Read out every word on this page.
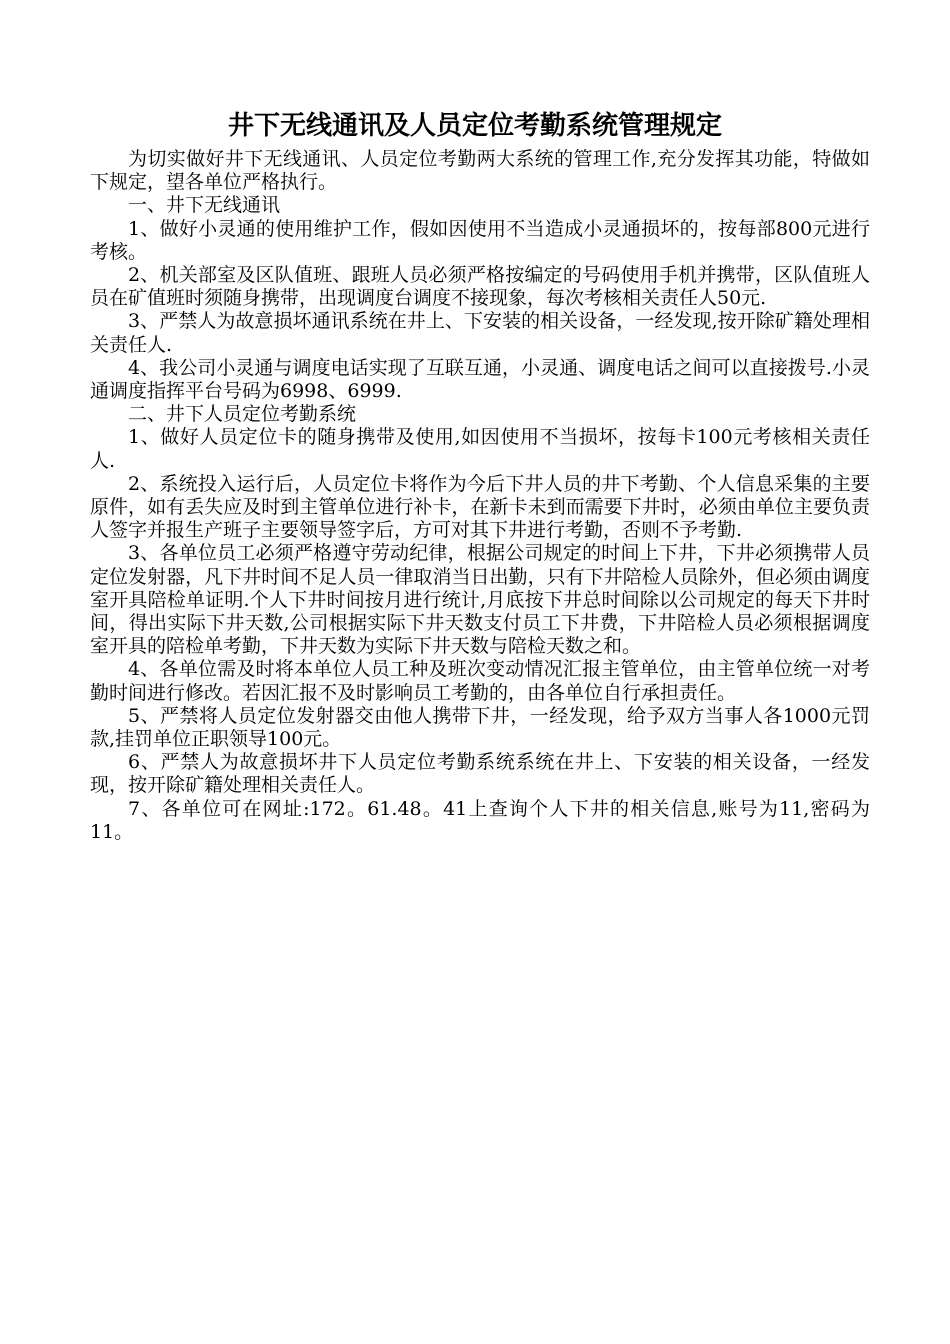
井下无线通讯及人员定位考勤系统管理规定

为切实做好井下无线通讯、人员定位考勤两大系统的管理工作,充分发挥其功能，特做如下规定，望各单位严格执行。

一、井下无线通讯

1、做好小灵通的使用维护工作，假如因使用不当造成小灵通损坏的，按每部800元进行考核。

2、机关部室及区队值班、跟班人员必须严格按编定的号码使用手机并携带，区队值班人员在矿值班时须随身携带，出现调度台调度不接现象，每次考核相关责任人50元.

3、严禁人为故意损坏通讯系统在井上、下安装的相关设备，一经发现,按开除矿籍处理相关责任人.

4、我公司小灵通与调度电话实现了互联互通，小灵通、调度电话之间可以直接拨号.小灵通调度指挥平台号码为6998、6999.

二、井下人员定位考勤系统

1、做好人员定位卡的随身携带及使用,如因使用不当损坏，按每卡100元考核相关责任人.

2、系统投入运行后，人员定位卡将作为今后下井人员的井下考勤、个人信息采集的主要原件，如有丢失应及时到主管单位进行补卡，在新卡未到而需要下井时，必须由单位主要负责人签字并报生产班子主要领导签字后，方可对其下井进行考勤，否则不予考勤.

3、各单位员工必须严格遵守劳动纪律，根据公司规定的时间上下井，下井必须携带人员定位发射器，凡下井时间不足人员一律取消当日出勤，只有下井陪检人员除外，但必须由调度室开具陪检单证明.个人下井时间按月进行统计,月底按下井总时间除以公司规定的每天下井时间，得出实际下井天数,公司根据实际下井天数支付员工下井费，下井陪检人员必须根据调度室开具的陪检单考勤，下井天数为实际下井天数与陪检天数之和。

4、各单位需及时将本单位人员工种及班次变动情况汇报主管单位，由主管单位统一对考勤时间进行修改。若因汇报不及时影响员工考勤的，由各单位自行承担责任。

5、严禁将人员定位发射器交由他人携带下井，一经发现，给予双方当事人各1000元罚款,挂罚单位正职领导100元。

6、严禁人为故意损坏井下人员定位考勤系统系统在井上、下安装的相关设备，一经发现，按开除矿籍处理相关责任人。

7、各单位可在网址:172。61.48。41上查询个人下井的相关信息,账号为11,密码为11。
